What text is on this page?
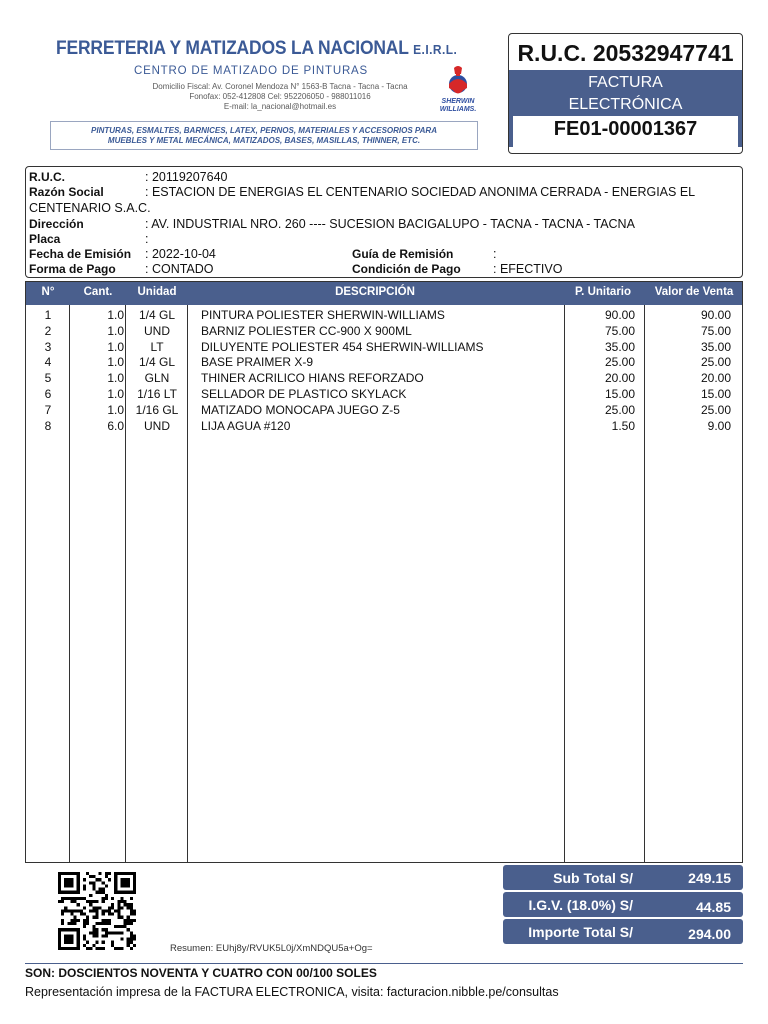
FERRETERIA Y MATIZADOS LA NACIONAL E.I.R.L.
CENTRO DE MATIZADO DE PINTURAS
Domicilio Fiscal: Av. Coronel Mendoza N° 1563-B Tacna - Tacna - Tacna
Fonofax: 052-412808 Cel: 952206050 - 988011016
E-mail: la_nacional@hotmail.es
SHERWIN
WILLIAMS.
PINTURAS, ESMALTES, BARNICES, LATEX, PERNOS, MATERIALES Y ACCESORIOS PARA
MUEBLES Y METAL MECÁNICA, MATIZADOS, BASES, MASILLAS, THINNER, ETC.
R.U.C. 20532947741
FACTURA
ELECTRÓNICA
FE01-00001367
R.U.C.	: 20119207640
Razón Social	: ESTACION DE ENERGIAS EL CENTENARIO SOCIEDAD ANONIMA CERRADA - ENERGIAS EL
CENTENARIO S.A.C.
Dirección	: AV. INDUSTRIAL NRO. 260 ---- SUCESION BACIGALUPO - TACNA - TACNA - TACNA
Placa	:
Fecha de Emisión : 2022-10-04	Guía de Remisión	:
Forma de Pago : CONTADO	Condición de Pago	: EFECTIVO
N°	Cant.	Unidad	DESCRIPCIÓN	P. Unitario	Valor de Venta
1	1.0	1/4 GL	PINTURA POLIESTER SHERWIN-WILLIAMS	90.00	90.00
2	1.0	UND	BARNIZ POLIESTER CC-900 X 900ML	75.00	75.00
3	1.0	LT	DILUYENTE POLIESTER 454 SHERWIN-WILLIAMS	35.00	35.00
4	1.0	1/4 GL	BASE PRAIMER X-9	25.00	25.00
5	1.0	GLN	THINER ACRILICO HIANS REFORZADO	20.00	20.00
6	1.0	1/16 LT	SELLADOR DE PLASTICO SKYLACK	15.00	15.00
7	1.0 1/16 GL	MATIZADO MONOCAPA JUEGO Z-5	25.00	25.00
8	6.0	UND	LIJA AGUA #120	1.50	9.00
Resumen: EUhj8y/RVUK5L0j/XmNDQU5a+Og=
Sub Total S/	249.15
I.G.V. (18.0%) S/	44.85
Importe Total S/	294.00
SON: DOSCIENTOS NOVENTA Y CUATRO CON 00/100 SOLES
Representación impresa de la FACTURA ELECTRONICA, visita: facturacion.nibble.pe/consultas
